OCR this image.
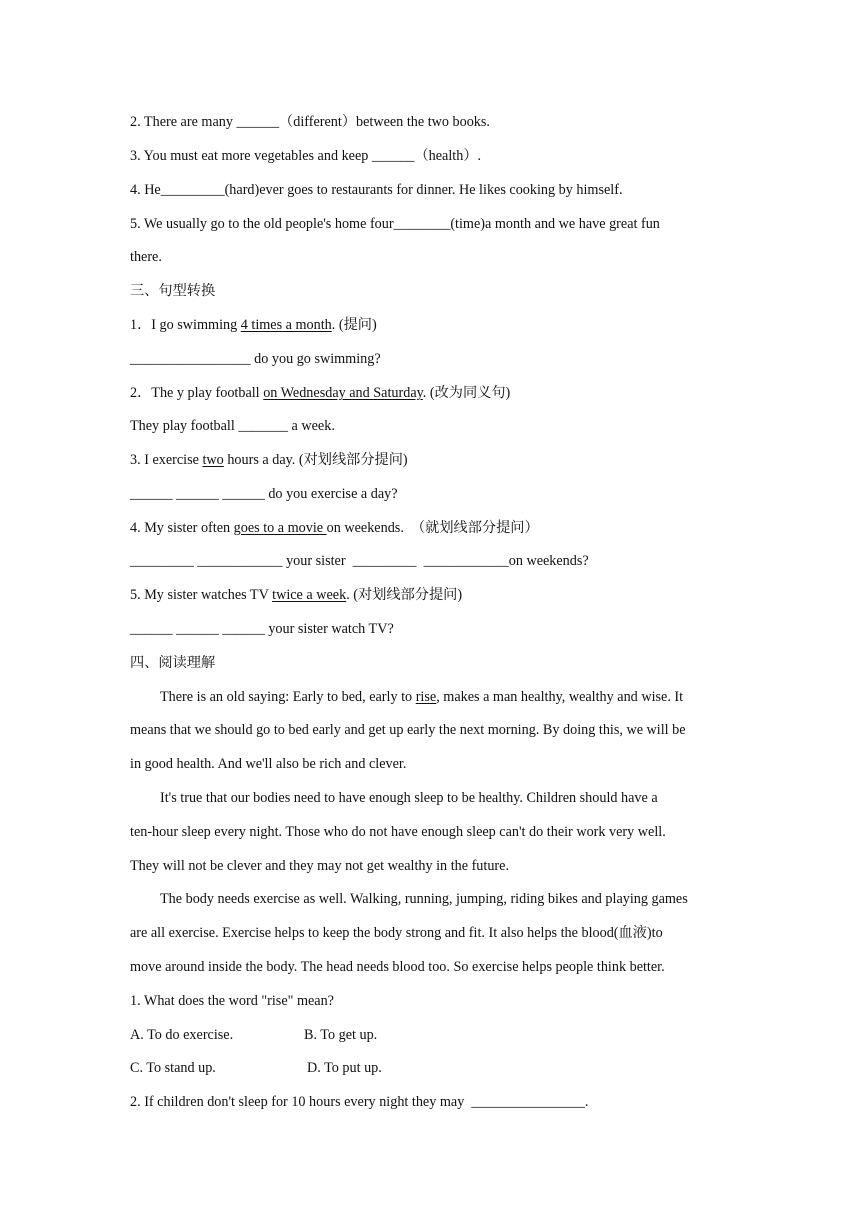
2. There are many ______（different）between the two books.
3. You must eat more vegetables and keep ______（health）.
4. He_________(hard)ever goes to restaurants for dinner. He likes cooking by himself.
5. We usually go to the old people's home four________(time)a month and we have great fun
there.
三、句型转换
1．I go swimming 4 times a month. (提问)
_________________ do you go swimming?
2．The y play football on Wednesday and Saturday. (改为同义句)
They play football _______ a week.
3. I exercise two hours a day. (对划线部分提问)
______ ______ ______ do you exercise a day?
4. My sister often goes to a movie on weekends.  （就划线部分提问）
_________ ____________ your sister  _________  ____________on weekends?
5. My sister watches TV twice a week. (对划线部分提问)
______ ______ ______ your sister watch TV?
四、阅读理解
There is an old saying: Early to bed, early to rise, makes a man healthy, wealthy and wise. It
means that we should go to bed early and get up early the next morning. By doing this, we will be
in good health. And we'll also be rich and clever.
It's true that our bodies need to have enough sleep to be healthy. Children should have a
ten-hour sleep every night. Those who do not have enough sleep can't do their work very well.
They will not be clever and they may not get wealthy in the future.
The body needs exercise as well. Walking, running, jumping, riding bikes and playing games
are all exercise. Exercise helps to keep the body strong and fit. It also helps the blood(血液)to
move around inside the body. The head needs blood too. So exercise helps people think better.
1. What does the word "rise" mean?
A. To do exercise.	B. To get up.
C. To stand up.	D. To put up.
2. If children don't sleep for 10 hours every night they may  ________________.
